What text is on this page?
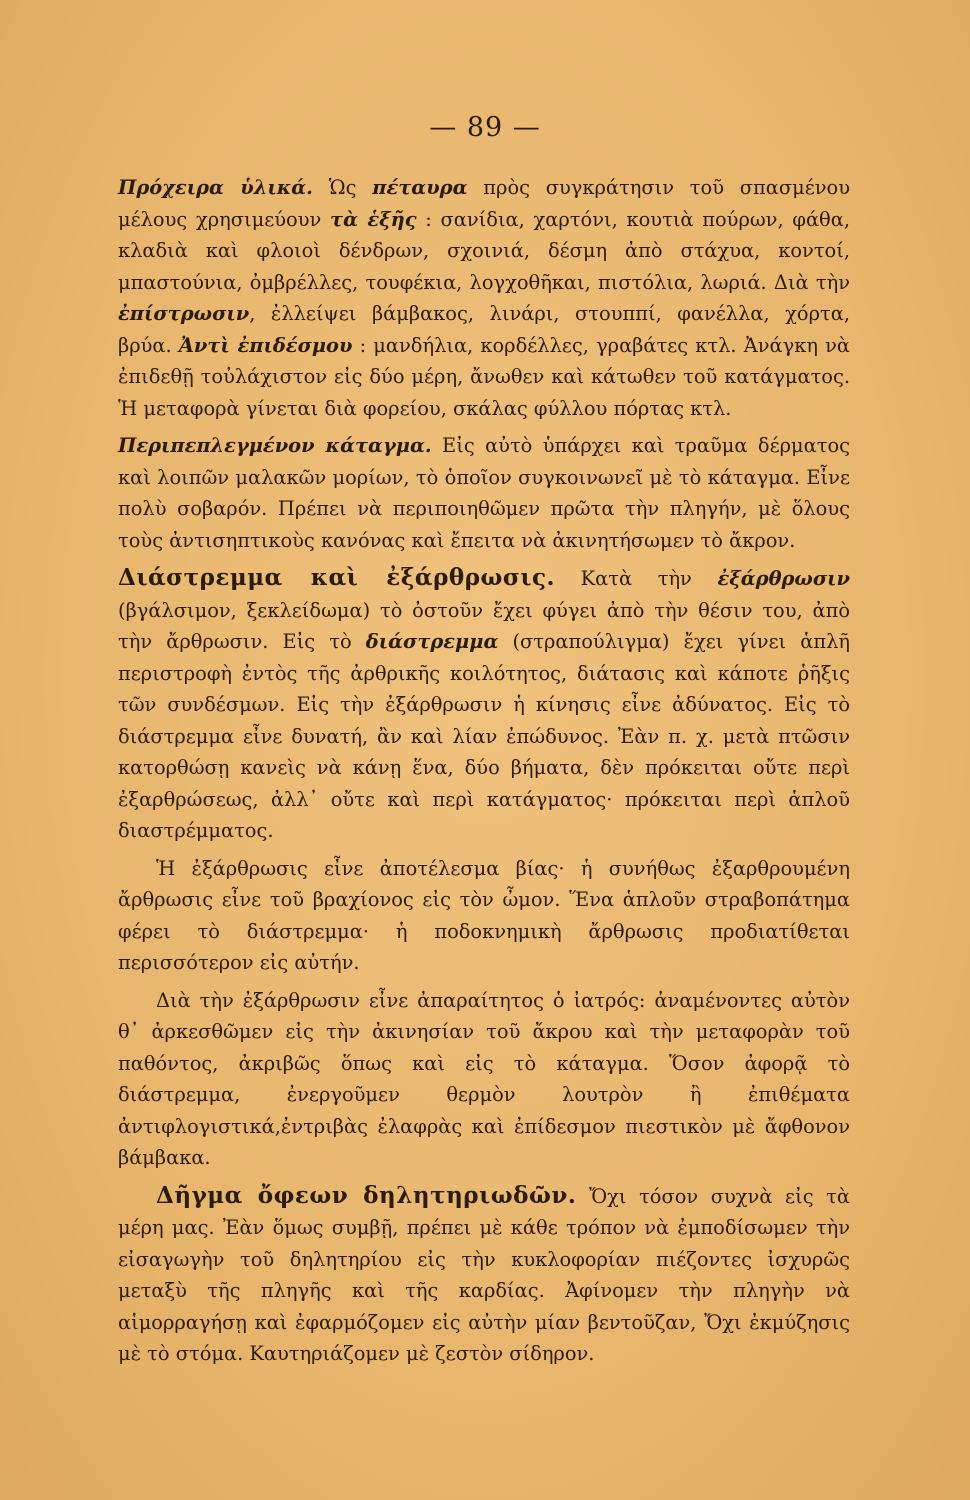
— 89 —

Πρόχειρα ὑλικά. Ὡς πέταυρα πρὸς συγκράτησιν τοῦ σπασμένου μέλους χρησιμεύουν τὰ ἑξῆς : σανίδια, χαρτόνι, κουτιὰ πούρων, φάθα, κλαδιὰ καὶ φλοιοὶ δένδρων, σχοινιά, δέσμη ἀπὸ στάχυα, κοντοί, μπαστούνια, ὀμβρέλλες, τουφέκια, λογχοθῆκαι, πιστόλια, λωριά. Διὰ τὴν ἐπίστρωσιν, ἐλλείψει βάμβακος, λινάρι, στουππί, φανέλλα, χόρτα, βρύα. Ἀντὶ ἐπιδέσμου : μανδήλια, κορδέλλες, γραβάτες κτλ. Ἀνάγκη νὰ ἐπιδεθῇ τοὐλάχιστον εἰς δύο μέρη, ἄνωθεν καὶ κάτωθεν τοῦ κατάγματος. Ἡ μεταφορὰ γίνεται διὰ φορείου, σκάλας φύλλου πόρτας κτλ.

Περιπεπλεγμένον κάταγμα. Εἰς αὐτὸ ὑπάρχει καὶ τραῦμα δέρματος καὶ λοιπῶν μαλακῶν μορίων, τὸ ὁποῖον συγκοινωνεῖ μὲ τὸ κάταγμα. Εἶνε πολὺ σοβαρόν. Πρέπει νὰ περιποιηθῶμεν πρῶτα τὴν πληγήν, μὲ ὅλους τοὺς ἀντισηπτικοὺς κανόνας καὶ ἔπειτα νὰ ἀκινητήσωμεν τὸ ἄκρον.

Διάστρεμμα καὶ ἐξάρθρωσις. Κατὰ τὴν ἐξάρθρωσιν (βγάλσιμον, ξεκλείδωμα) τὸ ὀστοῦν ἔχει φύγει ἀπὸ τὴν θέσιν του, ἀπὸ τὴν ἄρθρωσιν. Εἰς τὸ διάστρεμμα (στραπούλιγμα) ἔχει γίνει ἁπλῆ περιστροφὴ ἐντὸς τῆς ἀρθρικῆς κοιλότητος, διάτασις καὶ κάποτε ῥῆξις τῶν συνδέσμων. Εἰς τὴν ἐξάρθρωσιν ἡ κίνησις εἶνε ἀδύνατος. Εἰς τὸ διάστρεμμα εἶνε δυνατή, ἂν καὶ λίαν ἐπώδυνος. Ἐὰν π. χ. μετὰ πτῶσιν κατορθώσῃ κανεὶς νὰ κάνῃ ἕνα, δύο βήματα, δὲν πρόκειται οὔτε περὶ ἐξαρθρώσεως, ἀλλ᾽ οὔτε καὶ περὶ κατάγματος· πρόκειται περὶ ἁπλοῦ διαστρέμματος.

Ἡ ἐξάρθρωσις εἶνε ἀποτέλεσμα βίας· ἡ συνήθως ἐξαρθρουμένη ἄρθρωσις εἶνε τοῦ βραχίονος εἰς τὸν ὦμον. Ἕνα ἁπλοῦν στραβοπάτημα φέρει τὸ διάστρεμμα· ἡ ποδοκνημικὴ ἄρθρωσις προδιατίθεται περισσότερον εἰς αὐτήν.

Διὰ τὴν ἐξάρθρωσιν εἶνε ἀπαραίτητος ὁ ἰατρός: ἀναμένοντες αὐτὸν θ᾽ ἀρκεσθῶμεν εἰς τὴν ἀκινησίαν τοῦ ἄκρου καὶ τὴν μεταφορὰν τοῦ παθόντος, ἀκριβῶς ὅπως καὶ εἰς τὸ κάταγμα. Ὅσον ἀφορᾷ τὸ διάστρεμμα, ἐνεργοῦμεν θερμὸν λουτρὸν ἢ ἐπιθέματα ἀντιφλογιστικά,ἐντριβὰς ἐλαφρὰς καὶ ἐπίδεσμον πιεστικὸν μὲ ἄφθονον βάμβακα.

Δῆγμα ὄφεων δηλητηριωδῶν. Ὄχι τόσον συχνὰ εἰς τὰ μέρη μας. Ἐὰν ὅμως συμβῇ, πρέπει μὲ κάθε τρόπον νὰ ἐμποδίσωμεν τὴν εἰσαγωγὴν τοῦ δηλητηρίου εἰς τὴν κυκλοφορίαν πιέζοντες ἰσχυρῶς μεταξὺ τῆς πληγῆς καὶ τῆς καρδίας. Ἀφίνομεν τὴν πληγὴν νὰ αἱμορραγήσῃ καὶ ἐφαρμόζομεν εἰς αὐτὴν μίαν βεντοῦζαν, Ὄχι ἐκμύζησις μὲ τὸ στόμα. Καυτηριάζομεν μὲ ζεστὸν σίδηρον.
